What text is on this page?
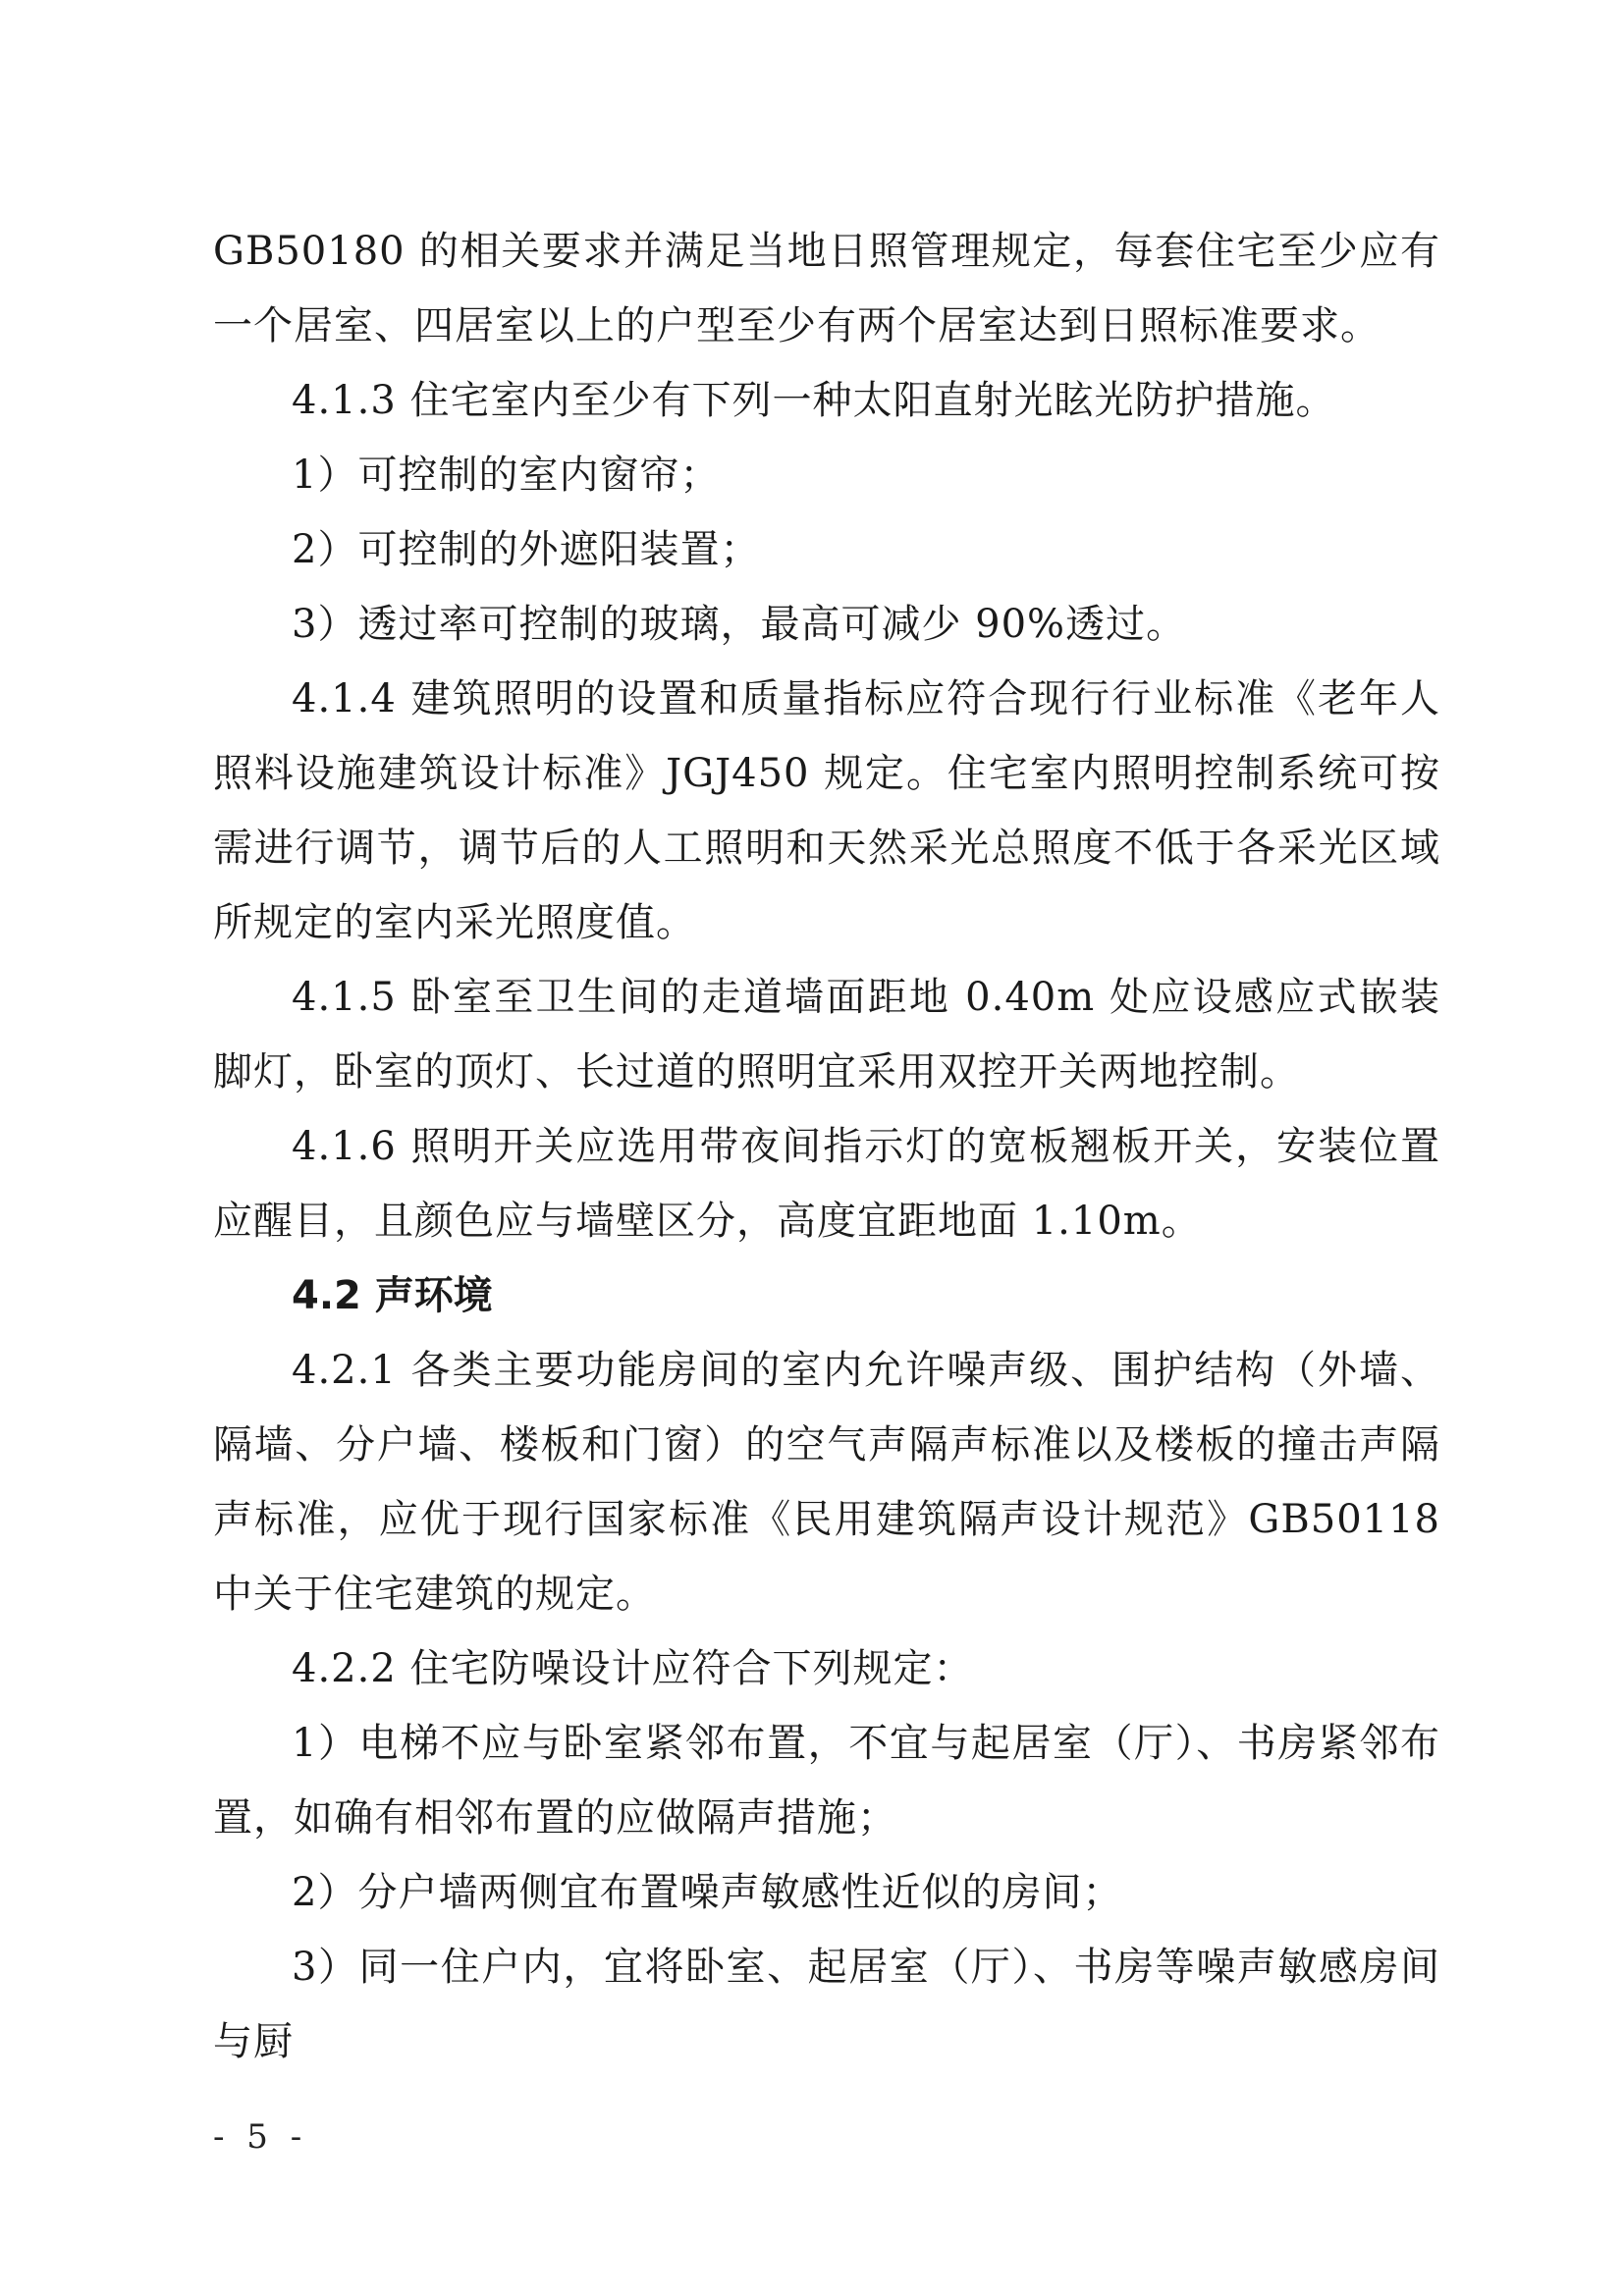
GB50180 的相关要求并满足当地日照管理规定，每套住宅至少应有一个居室、四居室以上的户型至少有两个居室达到日照标准要求。

4.1.3 住宅室内至少有下列一种太阳直射光眩光防护措施。

1）可控制的室内窗帘；

2）可控制的外遮阳装置；

3）透过率可控制的玻璃，最高可减少 90%透过。

4.1.4 建筑照明的设置和质量指标应符合现行行业标准《老年人照料设施建筑设计标准》JGJ450 规定。住宅室内照明控制系统可按需进行调节，调节后的人工照明和天然采光总照度不低于各采光区域所规定的室内采光照度值。

4.1.5 卧室至卫生间的走道墙面距地 0.40m 处应设感应式嵌装脚灯，卧室的顶灯、长过道的照明宜采用双控开关两地控制。

4.1.6 照明开关应选用带夜间指示灯的宽板翘板开关，安装位置应醒目，且颜色应与墙壁区分，高度宜距地面 1.10m。

4.2 声环境

4.2.1 各类主要功能房间的室内允许噪声级、围护结构（外墙、隔墙、分户墙、楼板和门窗）的空气声隔声标准以及楼板的撞击声隔声标准，应优于现行国家标准《民用建筑隔声设计规范》GB50118 中关于住宅建筑的规定。

4.2.2 住宅防噪设计应符合下列规定：

1）电梯不应与卧室紧邻布置，不宜与起居室（厅）、书房紧邻布置，如确有相邻布置的应做隔声措施；

2）分户墙两侧宜布置噪声敏感性近似的房间；

3）同一住户内，宜将卧室、起居室（厅）、书房等噪声敏感房间与厨

- 5 -
